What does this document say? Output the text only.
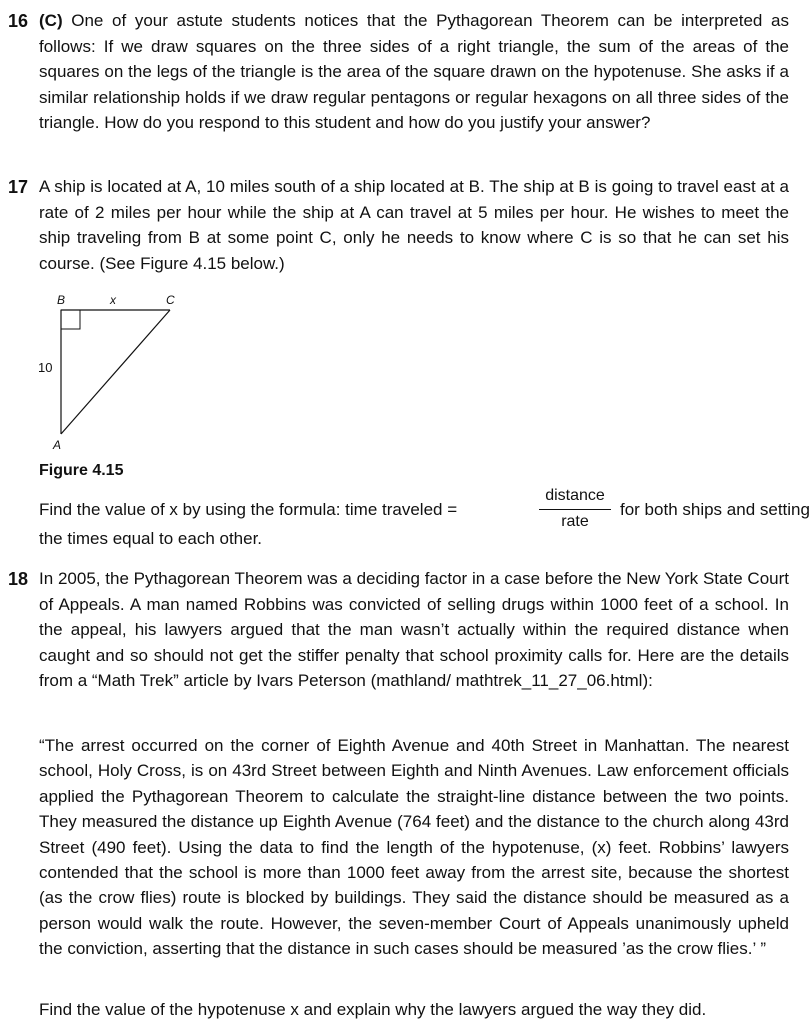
16 (C) One of your astute students notices that the Pythagorean Theorem can be interpreted as follows: If we draw squares on the three sides of a right triangle, the sum of the areas of the squares on the legs of the triangle is the area of the square drawn on the hypotenuse. She asks if a similar relationship holds if we draw regular pentagons or regular hexagons on all three sides of the triangle. How do you respond to this student and how do you justify your answer?
17 A ship is located at A, 10 miles south of a ship located at B. The ship at B is going to travel east at a rate of 2 miles per hour while the ship at A can travel at 5 miles per hour. He wishes to meet the ship traveling from B at some point C, only he needs to know where C is so that he can set his course. (See Figure 4.15 below.)
B	x	C
10
A
Figure 4.15
Find the value of x by using the formula: time traveled =
distance
rate
for both ships and setting
the times equal to each other.
18 In 2005, the Pythagorean Theorem was a deciding factor in a case before the New York State Court of Appeals. A man named Robbins was convicted of selling drugs within 1000 feet of a school. In the appeal, his lawyers argued that the man wasn’t actually within the required distance when caught and so should not get the stiffer penalty that school proximity calls for. Here are the details from a “Math Trek” article by Ivars Peterson (mathland/ mathtrek_11_27_06.html):
“The arrest occurred on the corner of Eighth Avenue and 40th Street in Manhattan. The nearest school, Holy Cross, is on 43rd Street between Eighth and Ninth Avenues. Law enforcement officials applied the Pythagorean Theorem to calculate the straight-line distance between the two points. They measured the distance up Eighth Avenue (764 feet) and the distance to the church along 43rd Street (490 feet). Using the data to find the length of the hypotenuse, (x) feet. Robbins’ lawyers contended that the school is more than 1000 feet away from the arrest site, because the shortest (as the crow flies) route is blocked by buildings. They said the distance should be measured as a person would walk the route. However, the seven-member Court of Appeals unanimously upheld the conviction, asserting that the distance in such cases should be measured ’as the crow flies.’ ”
Find the value of the hypotenuse x and explain why the lawyers argued the way they did.
